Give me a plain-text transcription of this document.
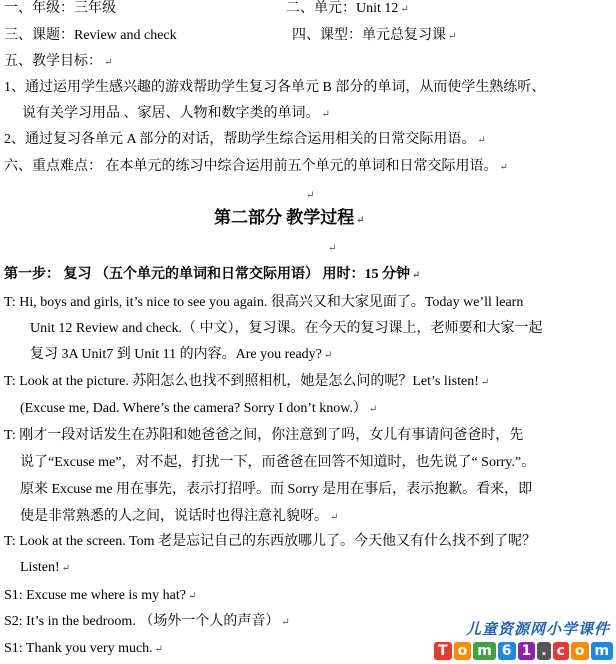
一、年级：三年级	二、单元：Unit 12 ↵
三、课题：Review and check	四、课型：单元总复习课 ↵
五、教学目标： ↵
1、通过运用学生感兴趣的游戏帮助学生复习各单元 B 部分的单词，从而使学生熟练听、
说有关学习用品 、家居、人物和数字类的单词。 ↵
2、通过复习各单元 A 部分的对话，帮助学生综合运用相关的日常交际用语。 ↵
六、重点难点： 在本单元的练习中综合运用前五个单元的单词和日常交际用语。 ↵
↵
第二部分 教学过程 ↵
↵
第一步： 复习 （五个单元的单词和日常交际用语） 用时：15 分钟 ↵
T: Hi, boys and girls, it’s nice to see you again. 很高兴又和大家见面了。Today we’ll learn
Unit 12 Review and check.（ 中文），复习课。在今天的复习课上，老师要和大家一起
复习 3A Unit7 到 Unit 11 的内容。Are you ready? ↵
T: Look at the picture. 苏阳怎么也找不到照相机，她是怎么问的呢？Let’s listen! ↵
(Excuse me, Dad. Where’s the camera? Sorry I don’t know.） ↵
T: 刚才一段对话发生在苏阳和她爸爸之间，你注意到了吗，女儿有事请问爸爸时，先
说了“Excuse me”，对不起，打扰一下，而爸爸在回答不知道时，也先说了“ Sorry.”。
原来 Excuse me 用在事先，表示打招呼。而 Sorry 是用在事后，表示抱歉。看来，即
使是非常熟悉的人之间，说话时也得注意礼貌呀。 ↵
T: Look at the screen. Tom 老是忘记自己的东西放哪儿了。今天他又有什么找不到了呢？
Listen! ↵
S1: Excuse me where is my hat? ↵
S2: It’s in the bedroom. （场外一个人的声音） ↵
S1: Thank you very much. ↵
儿童资源网小学课件
T o m 6 1 . c o m
